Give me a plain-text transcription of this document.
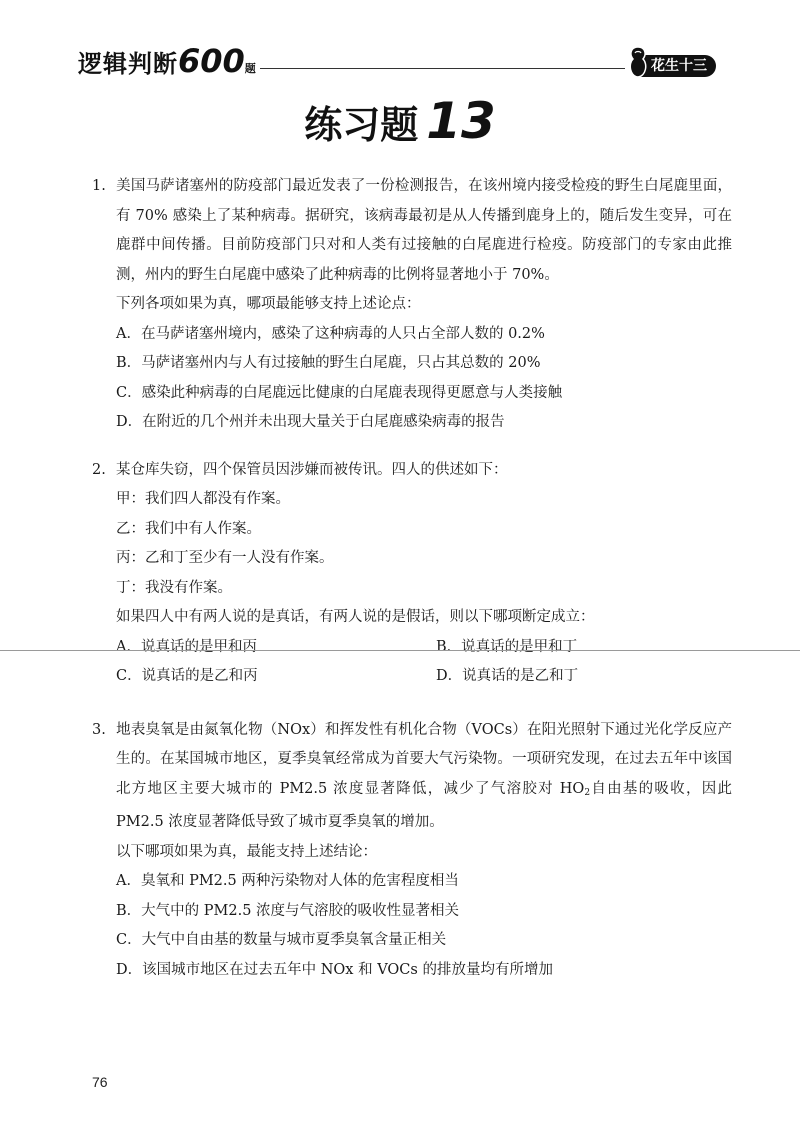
逻辑判断600题	花生十三
练习题 13
1. 美国马萨诸塞州的防疫部门最近发表了一份检测报告，在该州境内接受检疫的野生白尾鹿里面，有 70% 感染上了某种病毒。据研究，该病毒最初是从人传播到鹿身上的，随后发生变异，可在鹿群中间传播。目前防疫部门只对和人类有过接触的白尾鹿进行检疫。防疫部门的专家由此推测，州内的野生白尾鹿中感染了此种病毒的比例将显著地小于 70%。
下列各项如果为真，哪项最能够支持上述论点：
A．在马萨诸塞州境内，感染了这种病毒的人只占全部人数的 0.2%
B．马萨诸塞州内与人有过接触的野生白尾鹿，只占其总数的 20%
C．感染此种病毒的白尾鹿远比健康的白尾鹿表现得更愿意与人类接触
D．在附近的几个州并未出现大量关于白尾鹿感染病毒的报告
2. 某仓库失窃，四个保管员因涉嫌而被传讯。四人的供述如下：
甲：我们四人都没有作案。
乙：我们中有人作案。
丙：乙和丁至少有一人没有作案。
丁：我没有作案。
如果四人中有两人说的是真话，有两人说的是假话，则以下哪项断定成立：
A．说真话的是甲和丙	B．说真话的是甲和丁
C．说真话的是乙和丙	D．说真话的是乙和丁
3. 地表臭氧是由氮氧化物（NOx）和挥发性有机化合物（VOCs）在阳光照射下通过光化学反应产生的。在某国城市地区，夏季臭氧经常成为首要大气污染物。一项研究发现，在过去五年中该国北方地区主要大城市的 PM2.5 浓度显著降低，减少了气溶胶对 $HO_2$自由基的吸收，因此 PM2.5 浓度显著降低导致了城市夏季臭氧的增加。
以下哪项如果为真，最能支持上述结论：
A．臭氧和 PM2.5 两种污染物对人体的危害程度相当
B．大气中的 PM2.5 浓度与气溶胶的吸收性显著相关
C．大气中自由基的数量与城市夏季臭氧含量正相关
D．该国城市地区在过去五年中 NOx 和 VOCs 的排放量均有所增加
76
